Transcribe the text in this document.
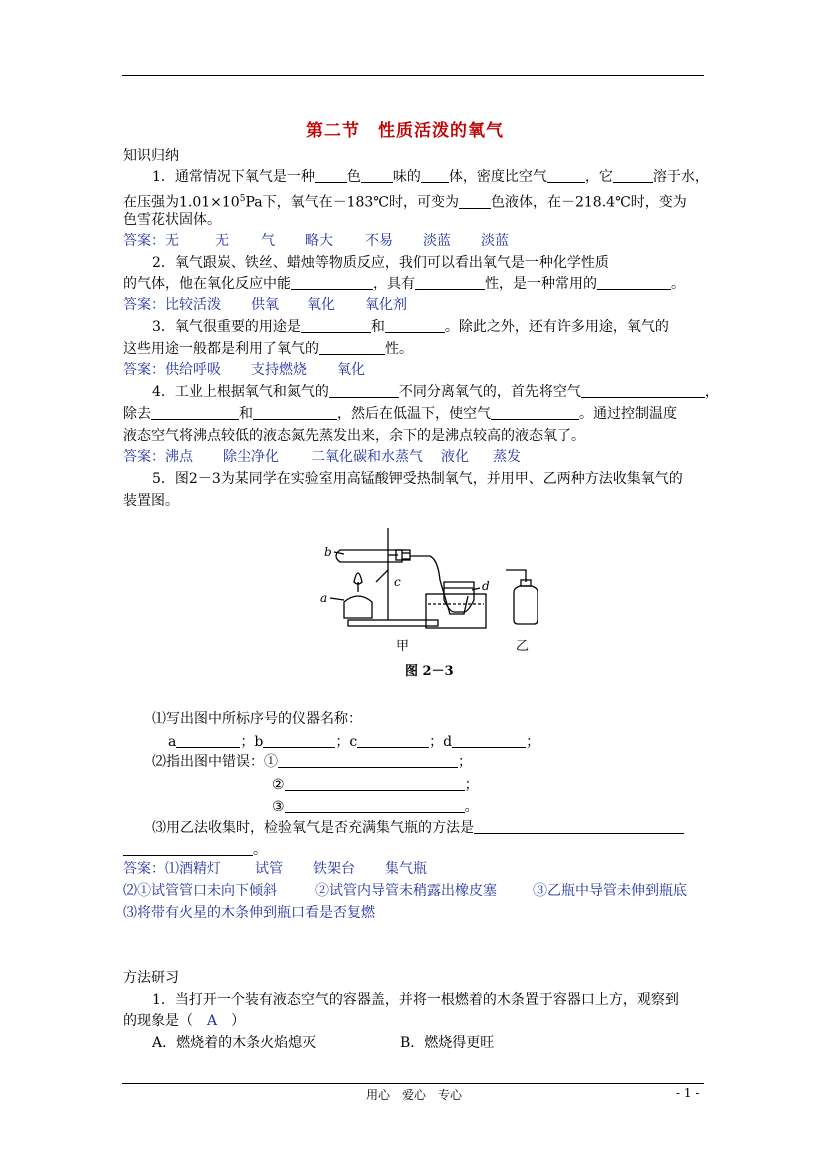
第二节　性质活泼的氧气
知识归纳
1．通常情况下氧气是一种 色 味的 体，密度比空气	，它	溶于水，
在压强为$1.01\times 10^5Pa$下，氧气在－183℃时，可变为 色液体，在－218.4℃时，变为
色雪花状固体。
答案：无	无 气 略大 不易 淡蓝 淡蓝
2．氧气跟炭、铁丝、蜡烛等物质反应，我们可以看出氧气是一种化学性质
的气体，他在氧化反应中能	，具有	性，是一种常用的	。
答案：比较活泼 供氧 氧化 氧化剂
3．氧气很重要的用途是	和	。除此之外，还有许多用途，氧气的
这些用途一般都是利用了氧气的	性。
答案：供给呼吸 支持燃烧 氧化
4．工业上根据氧气和氮气的	不同分离氧气的，首先将空气	，
除去	和	，然后在低温下，使空气	。通过控制温度
液态空气将沸点较低的液态氮先蒸发出来，余下的是沸点较高的液态氧了。
答案：沸点 除尘净化 二氧化碳和水蒸气 液化 蒸发
5．图2－3为某同学在实验室用高锰酸钾受热制氧气，并用甲、乙两种方法收集氧气的
装置图。
b
a
c	d
甲	乙
图 2－3
⑴写出图中所标序号的仪器名称：
a	；b	；c	；d	；
⑵指出图中错误：①	；
②	；
③	。
⑶用乙法收集时，检验氧气是否充满集气瓶的方法是
。
答案：⑴酒精灯 试管 铁架台 集气瓶
⑵①试管管口未向下倾斜	②试管内导管未稍露出橡皮塞	③乙瓶中导管未伸到瓶底
⑶将带有火星的木条伸到瓶口看是否复燃
方法研习
1．当打开一个装有液态空气的容器盖，并将一根燃着的木条置于容器口上方，观察到
的现象是（ A ）
A．燃烧着的木条火焰熄灭	B．燃烧得更旺
用心　爱心　专心	- 1 -
